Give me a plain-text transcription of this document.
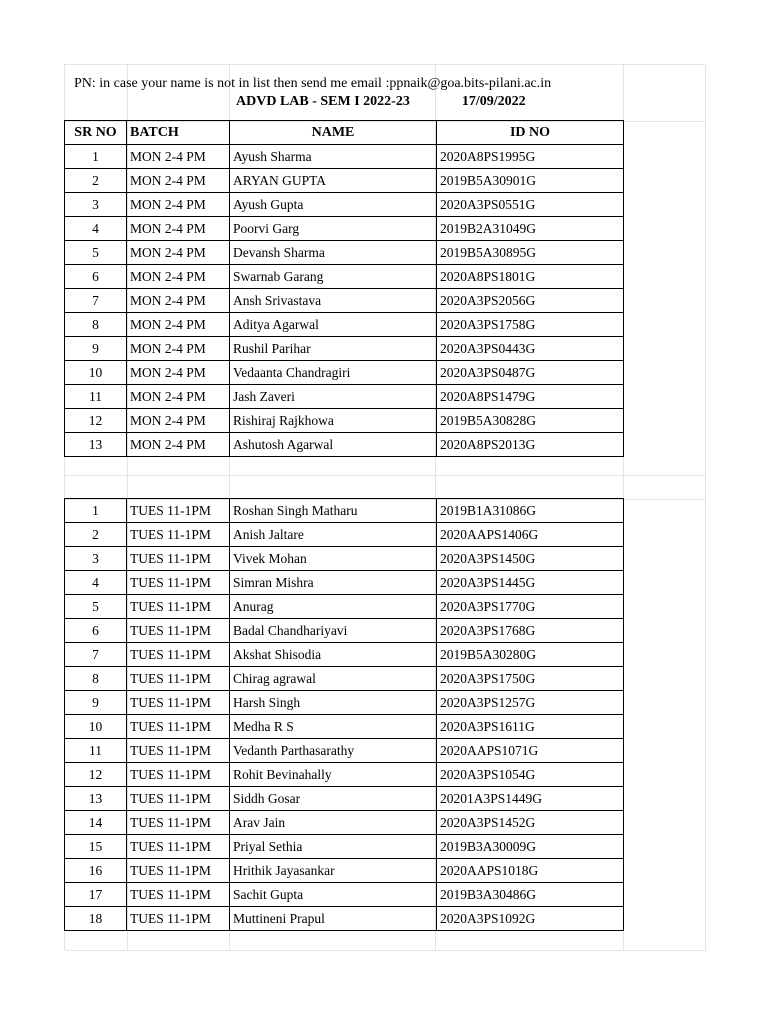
PN: in case your name is not in list then send me email :ppnaik@goa.bits-pilani.ac.in
ADVD LAB - SEM I 2022-23	17/09/2022
SR NO	BATCH	NAME	ID NO
1	MON 2-4 PM	Ayush Sharma	2020A8PS1995G
2	MON 2-4 PM	ARYAN GUPTA	2019B5A30901G
3	MON 2-4 PM	Ayush Gupta	2020A3PS0551G
4	MON 2-4 PM	Poorvi Garg	2019B2A31049G
5	MON 2-4 PM	Devansh Sharma	2019B5A30895G
6	MON 2-4 PM	Swarnab Garang	2020A8PS1801G
7	MON 2-4 PM	Ansh Srivastava	2020A3PS2056G
8	MON 2-4 PM	Aditya Agarwal	2020A3PS1758G
9	MON 2-4 PM	Rushil Parihar	2020A3PS0443G
10	MON 2-4 PM	Vedaanta Chandragiri	2020A3PS0487G
11	MON 2-4 PM	Jash Zaveri	2020A8PS1479G
12	MON 2-4 PM	Rishiraj Rajkhowa	2019B5A30828G
13	MON 2-4 PM	Ashutosh Agarwal	2020A8PS2013G
1	TUES 11-1PM	Roshan Singh Matharu	2019B1A31086G
2	TUES 11-1PM	Anish Jaltare	2020AAPS1406G
3	TUES 11-1PM	Vivek Mohan	2020A3PS1450G
4	TUES 11-1PM	Simran Mishra	2020A3PS1445G
5	TUES 11-1PM	Anurag	2020A3PS1770G
6	TUES 11-1PM	Badal Chandhariyavi	2020A3PS1768G
7	TUES 11-1PM	Akshat Shisodia	2019B5A30280G
8	TUES 11-1PM	Chirag agrawal	2020A3PS1750G
9	TUES 11-1PM	Harsh Singh	2020A3PS1257G
10	TUES 11-1PM	Medha R S	2020A3PS1611G
11	TUES 11-1PM	Vedanth Parthasarathy	2020AAPS1071G
12	TUES 11-1PM	Rohit Bevinahally	2020A3PS1054G
13	TUES 11-1PM	Siddh Gosar	20201A3PS1449G
14	TUES 11-1PM	Arav Jain	2020A3PS1452G
15	TUES 11-1PM	Priyal Sethia	2019B3A30009G
16	TUES 11-1PM	Hrithik Jayasankar	2020AAPS1018G
17	TUES 11-1PM	Sachit Gupta	2019B3A30486G
18	TUES 11-1PM	Muttineni Prapul	2020A3PS1092G
